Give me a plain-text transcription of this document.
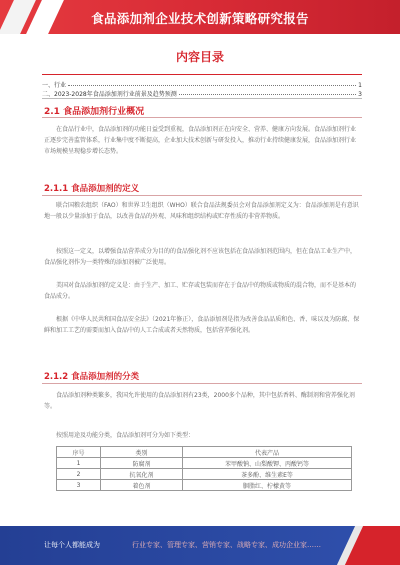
食品添加剂企业技术创新策略研究报告
内容目录
一、行业	1
二、2023-2028年食品添加剂行业前景及趋势预测	3
2.1 食品添加剂行业概况
在食品行业中，食品添加剂的功能日益受到重视，食品添加剂正在向安全、营养、健康方向发展。食品添加剂行业正逐步完善监管体系，行业集中度不断提高，企业加大技术创新与研发投入，推动行业持续健康发展，食品添加剂行业市场规模呈现稳步增长态势。
2.1.1 食品添加剂的定义
联合国粮农组织（FAO）和世界卫生组织（WHO）联合食品法规委员会对食品添加剂定义为：食品添加剂是有意识地一般以少量添加于食品，以改善食品的外观、风味和组织结构或贮存性质的非营养物质。
按照这一定义，以增强食品营养成分为目的的食品强化剂不应该包括在食品添加剂范围内，但在食品工业生产中，食品强化剂作为一类特殊的添加剂被广泛使用。
美国对食品添加剂的定义是：由于生产、加工、贮存或包装而存在于食品中的物质或物质的混合物，而不是基本的食品成分。
根据《中华人民共和国食品安全法》（2021年修正），食品添加剂是指为改善食品品质和色、香、味以及为防腐、保鲜和加工工艺的需要而加入食品中的人工合成或者天然物质，包括营养强化剂。
2.1.2 食品添加剂的分类
食品添加剂种类繁多，我国允许使用的食品添加剂有23类，2000多个品种，其中包括香料、酶制剂和营养强化剂等。
按照用途及功能分类，食品添加剂可分为如下类型：
序号	类别	代表产品
1	防腐剂	苯甲酸钠、山梨酸钾、丙酸钙等
2	抗氧化剂	茶多酚、维生素E等
3	着色剂	胭脂红、柠檬黄等
让每个人都能成为	行业专家、管理专家、营销专家、战略专家、成功企业家……
